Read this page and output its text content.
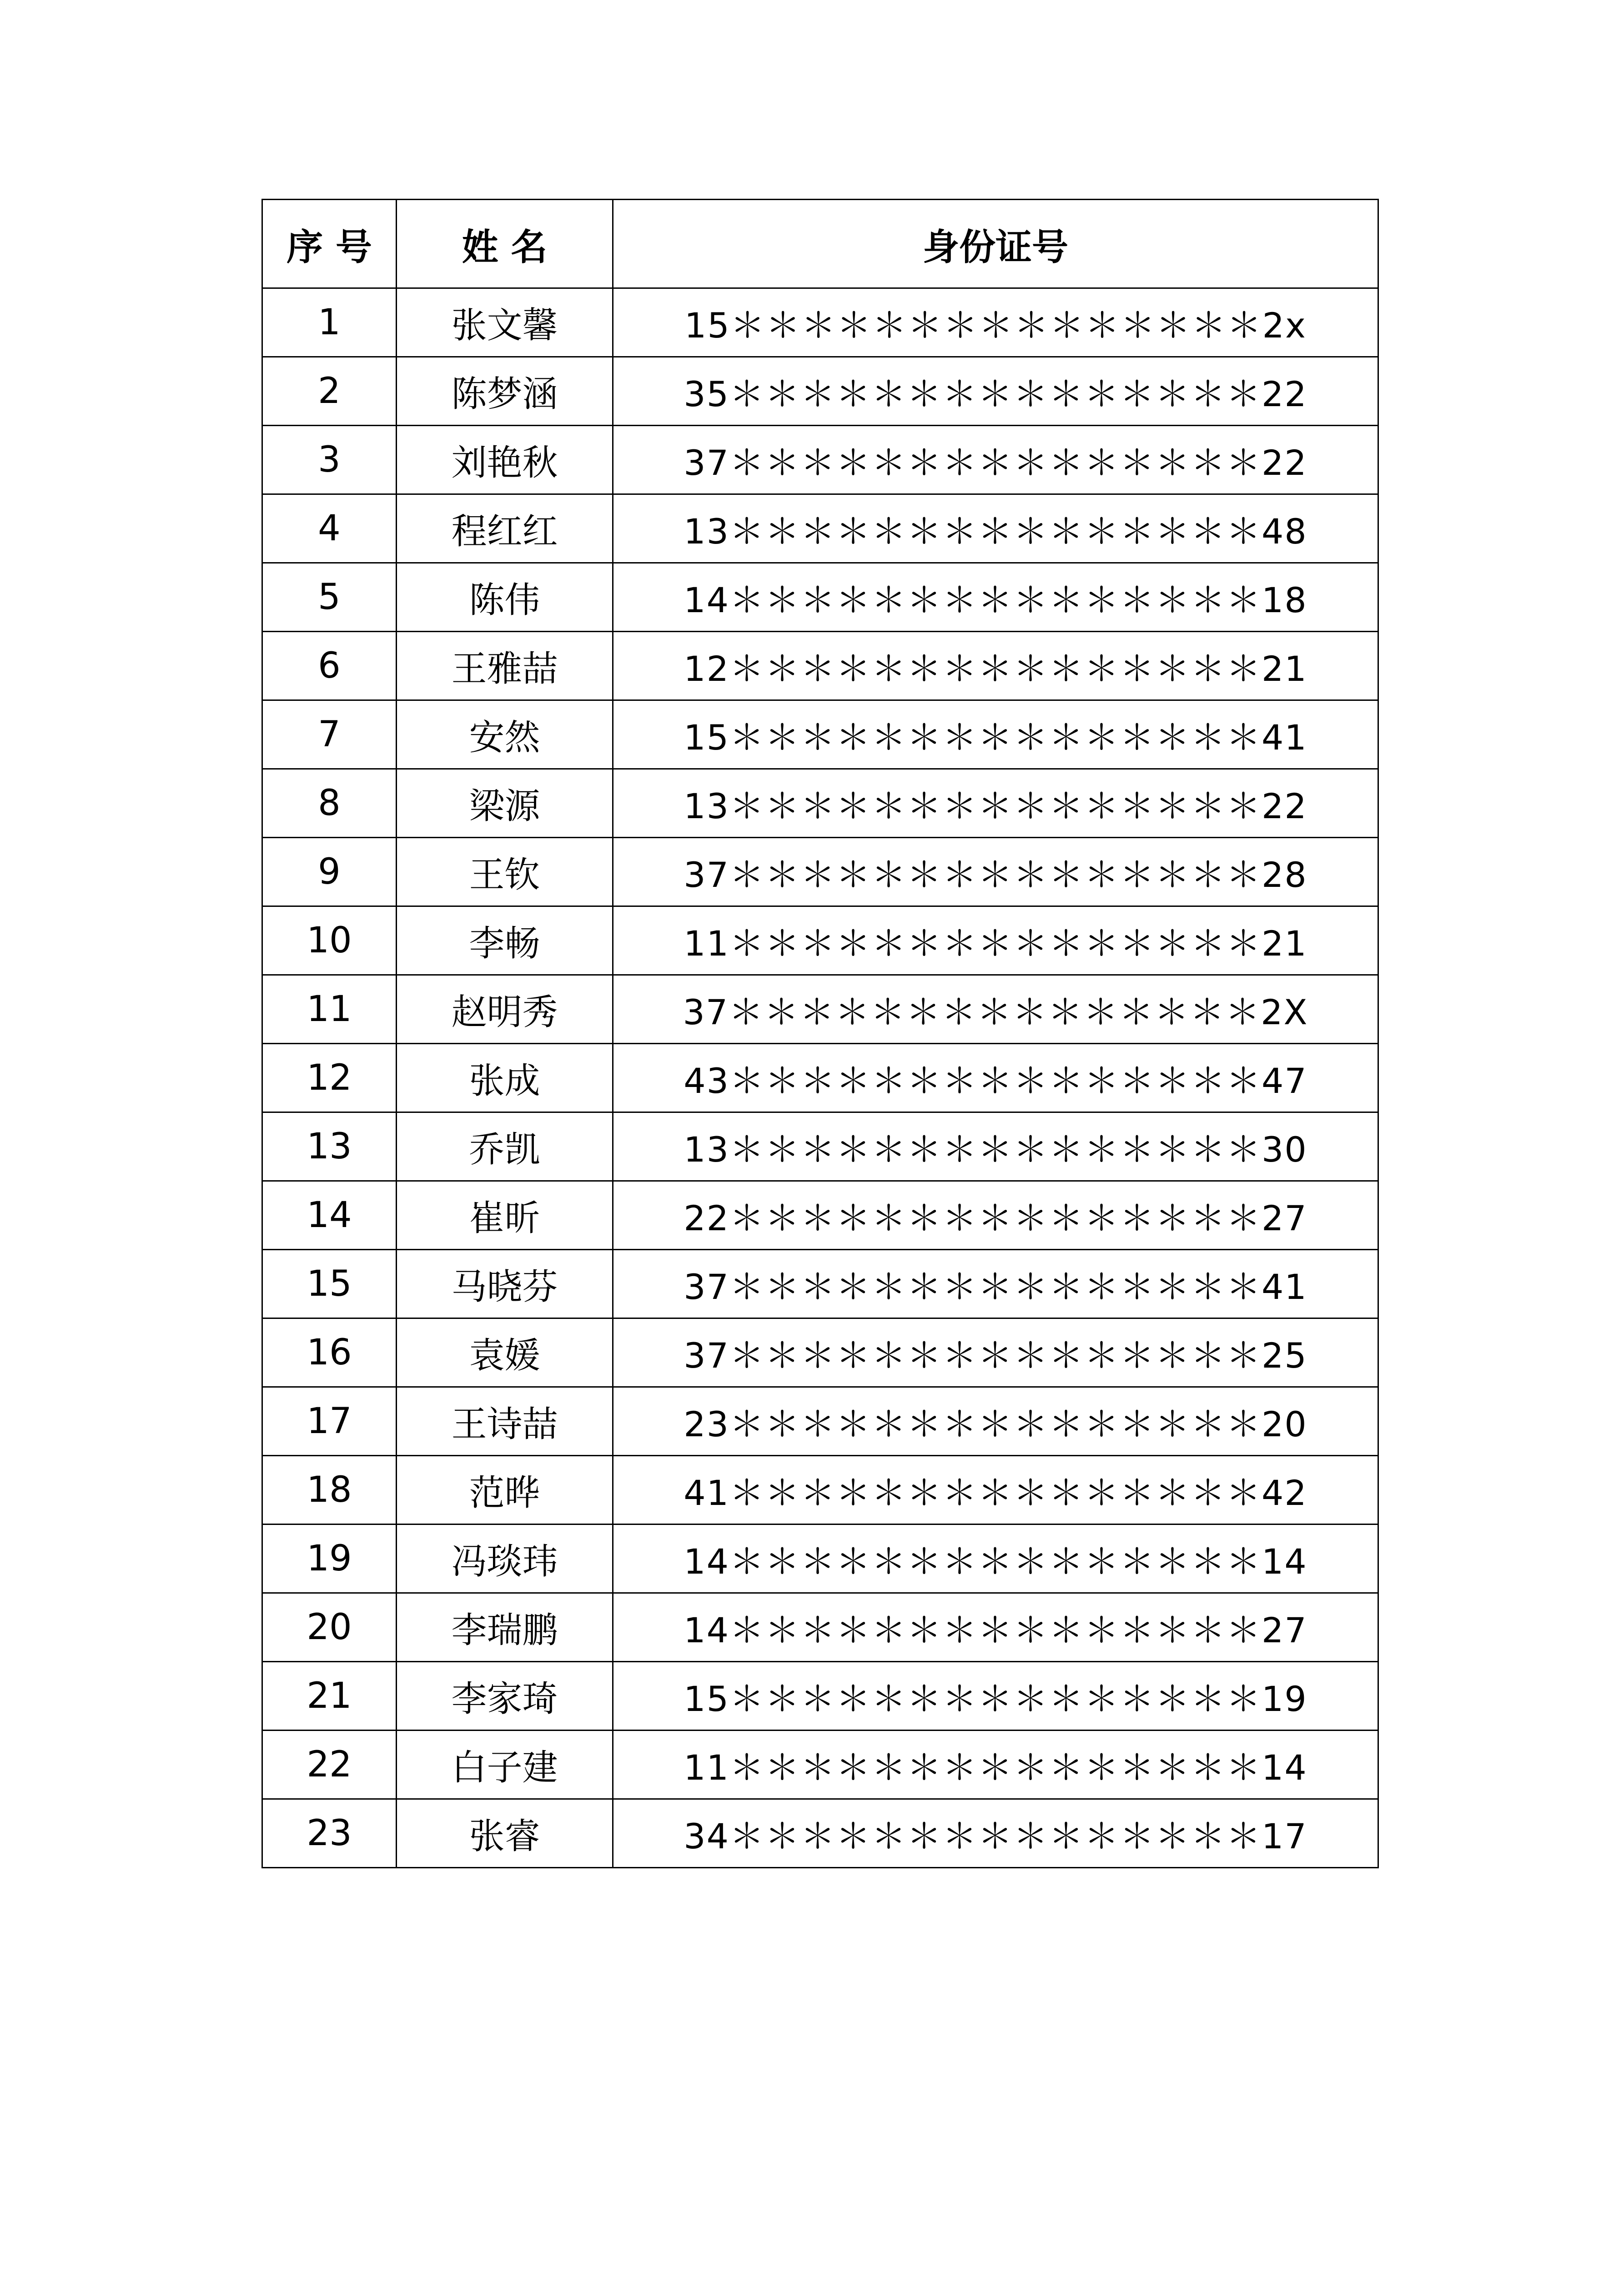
序 号	姓 名	身份证号
1	张文馨	15＊＊＊＊＊＊＊＊＊＊＊＊＊＊＊2x
2	陈梦涵	35＊＊＊＊＊＊＊＊＊＊＊＊＊＊＊22
3	刘艳秋	37＊＊＊＊＊＊＊＊＊＊＊＊＊＊＊22
4	程红红	13＊＊＊＊＊＊＊＊＊＊＊＊＊＊＊48
5	陈伟	14＊＊＊＊＊＊＊＊＊＊＊＊＊＊＊18
6	王雅喆	12＊＊＊＊＊＊＊＊＊＊＊＊＊＊＊21
7	安然	15＊＊＊＊＊＊＊＊＊＊＊＊＊＊＊41
8	梁源	13＊＊＊＊＊＊＊＊＊＊＊＊＊＊＊22
9	王钦	37＊＊＊＊＊＊＊＊＊＊＊＊＊＊＊28
10	李畅	11＊＊＊＊＊＊＊＊＊＊＊＊＊＊＊21
11	赵明秀	37＊＊＊＊＊＊＊＊＊＊＊＊＊＊＊2X
12	张成	43＊＊＊＊＊＊＊＊＊＊＊＊＊＊＊47
13	乔凯	13＊＊＊＊＊＊＊＊＊＊＊＊＊＊＊30
14	崔昕	22＊＊＊＊＊＊＊＊＊＊＊＊＊＊＊27
15	马晓芬	37＊＊＊＊＊＊＊＊＊＊＊＊＊＊＊41
16	袁媛	37＊＊＊＊＊＊＊＊＊＊＊＊＊＊＊25
17	王诗喆	23＊＊＊＊＊＊＊＊＊＊＊＊＊＊＊20
18	范晔	41＊＊＊＊＊＊＊＊＊＊＊＊＊＊＊42
19	冯琰玮	14＊＊＊＊＊＊＊＊＊＊＊＊＊＊＊14
20	李瑞鹏	14＊＊＊＊＊＊＊＊＊＊＊＊＊＊＊27
21	李家琦	15＊＊＊＊＊＊＊＊＊＊＊＊＊＊＊19
22	白子建	11＊＊＊＊＊＊＊＊＊＊＊＊＊＊＊14
23	张睿	34＊＊＊＊＊＊＊＊＊＊＊＊＊＊＊17
